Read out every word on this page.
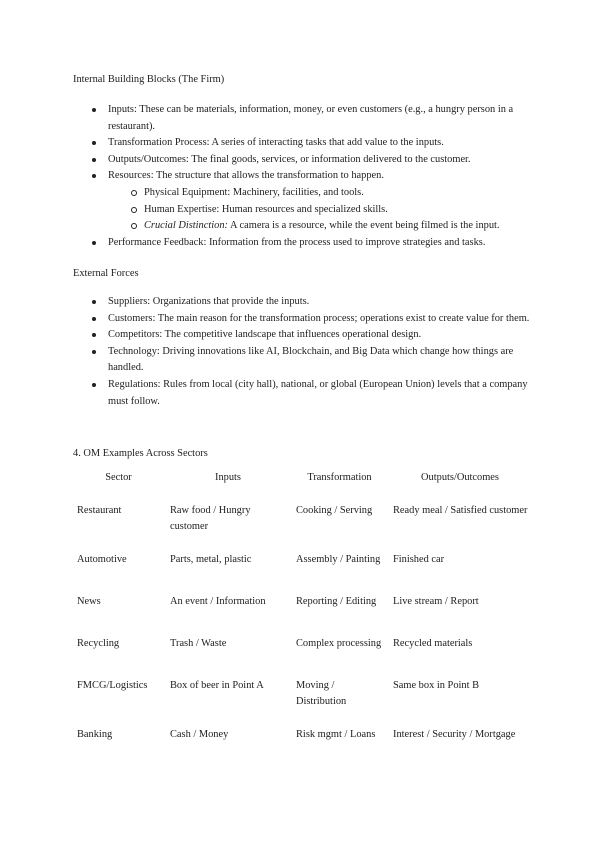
Internal Building Blocks (The Firm)
Inputs: These can be materials, information, money, or even customers (e.g., a hungry person in a restaurant).
Transformation Process: A series of interacting tasks that add value to the inputs.
Outputs/Outcomes: The final goods, services, or information delivered to the customer.
Resources: The structure that allows the transformation to happen.
Physical Equipment: Machinery, facilities, and tools.
Human Expertise: Human resources and specialized skills.
Crucial Distinction: A camera is a resource, while the event being filmed is the input.
Performance Feedback: Information from the process used to improve strategies and tasks.
External Forces
Suppliers: Organizations that provide the inputs.
Customers: The main reason for the transformation process; operations exist to create value for them.
Competitors: The competitive landscape that influences operational design.
Technology: Driving innovations like AI, Blockchain, and Big Data which change how things are handled.
Regulations: Rules from local (city hall), national, or global (European Union) levels that a company must follow.
4. OM Examples Across Sectors
Sector	Inputs	Transformation	Outputs/Outcomes
Restaurant	Raw food / Hungry customer	Cooking / Serving	Ready meal / Satisfied customer
Automotive	Parts, metal, plastic	Assembly / Painting	Finished car
News	An event / Information	Reporting / Editing	Live stream / Report
Recycling	Trash / Waste	Complex processing	Recycled materials
FMCG/Logistics	Box of beer in Point A	Moving / Distribution	Same box in Point B
Banking	Cash / Money	Risk mgmt / Loans	Interest / Security / Mortgage
